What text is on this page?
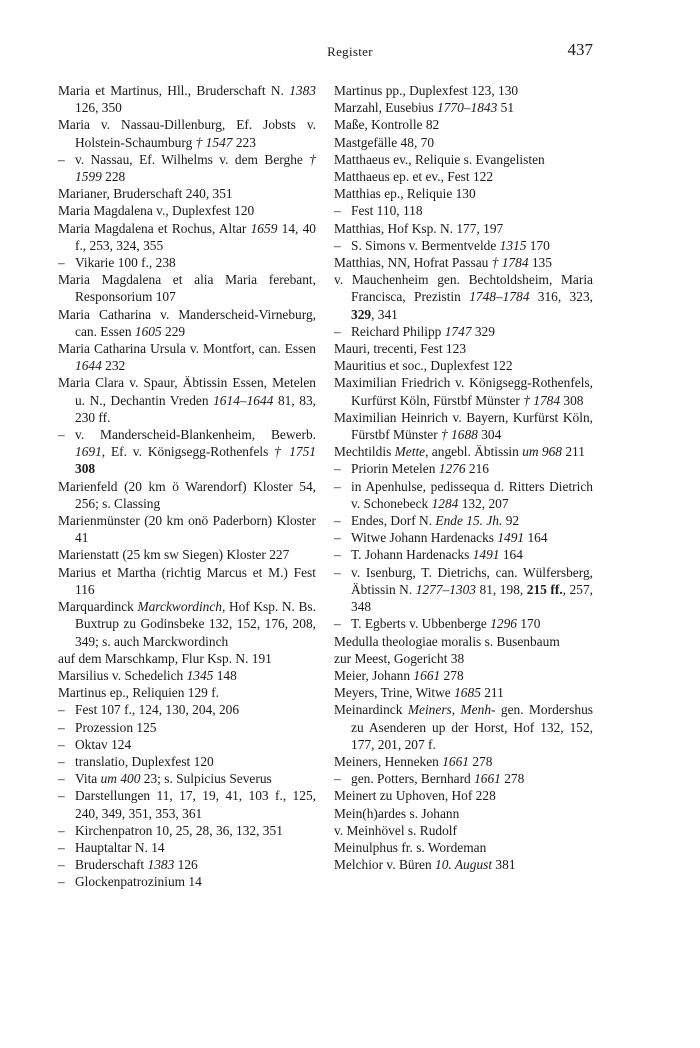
Register	437
Maria et Martinus, Hll., Bruderschaft N. 1383 126, 350
Maria v. Nassau-Dillenburg, Ef. Jobsts v. Holstein-Schaumburg † 1547 223
– v. Nassau, Ef. Wilhelms v. dem Berghe † 1599 228
Marianer, Bruderschaft 240, 351
Maria Magdalena v., Duplexfest 120
Maria Magdalena et Rochus, Altar 1659 14, 40 f., 253, 324, 355
– Vikarie 100 f., 238
Maria Magdalena et alia Maria ferebant, Responsorium 107
Maria Catharina v. Manderscheid-Virneburg, can. Essen 1605 229
Maria Catharina Ursula v. Montfort, can. Essen 1644 232
Maria Clara v. Spaur, Äbtissin Essen, Metelen u. N., Dechantin Vreden 1614–1644 81, 83, 230 ff.
– v. Manderscheid-Blankenheim, Bewerb. 1691, Ef. v. Königsegg-Rothenfels † 1751 308
Marienfeld (20 km ö Warendorf) Kloster 54, 256; s. Classing
Marienmünster (20 km onö Paderborn) Kloster 41
Marienstatt (25 km sw Siegen) Kloster 227
Marius et Martha (richtig Marcus et M.) Fest 116
Marquardinck Marckwordinch, Hof Ksp. N. Bs. Buxtrup zu Godinsbeke 132, 152, 176, 208, 349; s. auch Marckwordinch
auf dem Marschkamp, Flur Ksp. N. 191
Marsilius v. Schedelich 1345 148
Martinus ep., Reliquien 129 f.
– Fest 107 f., 124, 130, 204, 206
– Prozession 125
– Oktav 124
– translatio, Duplexfest 120
– Vita um 400 23; s. Sulpicius Severus
– Darstellungen 11, 17, 19, 41, 103 f., 125, 240, 349, 351, 353, 361
– Kirchenpatron 10, 25, 28, 36, 132, 351
– Hauptaltar N. 14
– Bruderschaft 1383 126
– Glockenpatrozinium 14
Martinus pp., Duplexfest 123, 130
Marzahl, Eusebius 1770–1843 51
Maße, Kontrolle 82
Mastgefälle 48, 70
Matthaeus ev., Reliquie s. Evangelisten
Matthaeus ep. et ev., Fest 122
Matthias ep., Reliquie 130
– Fest 110, 118
Matthias, Hof Ksp. N. 177, 197
– S. Simons v. Bermentvelde 1315 170
Matthias, NN, Hofrat Passau † 1784 135
v. Mauchenheim gen. Bechtoldsheim, Maria Francisca, Prezistin 1748–1784 316, 323, 329, 341
– Reichard Philipp 1747 329
Mauri, trecenti, Fest 123
Mauritius et soc., Duplexfest 122
Maximilian Friedrich v. Königsegg-Rothenfels, Kurfürst Köln, Fürstbf Münster † 1784 308
Maximilian Heinrich v. Bayern, Kurfürst Köln, Fürstbf Münster † 1688 304
Mechtildis Mette, angebl. Äbtissin um 968 211
– Priorin Metelen 1276 216
– in Apenhulse, pedissequa d. Ritters Dietrich v. Schonebeck 1284 132, 207
– Endes, Dorf N. Ende 15. Jh. 92
– Witwe Johann Hardenacks 1491 164
– T. Johann Hardenacks 1491 164
– v. Isenburg, T. Dietrichs, can. Wülfersberg, Äbtissin N. 1277–1303 81, 198, 215 ff., 257, 348
– T. Egberts v. Ubbenberge 1296 170
Medulla theologiae moralis s. Busenbaum
zur Meest, Gogericht 38
Meier, Johann 1661 278
Meyers, Trine, Witwe 1685 211
Meinardinck Meiners, Menh- gen. Mordershus zu Asenderen up der Horst, Hof 132, 152, 177, 201, 207 f.
Meiners, Henneken 1661 278
– gen. Potters, Bernhard 1661 278
Meinert zu Uphoven, Hof 228
Mein(h)ardes s. Johann
v. Meinhövel s. Rudolf
Meinulphus fr. s. Wordeman
Melchior v. Büren 10. August 381
